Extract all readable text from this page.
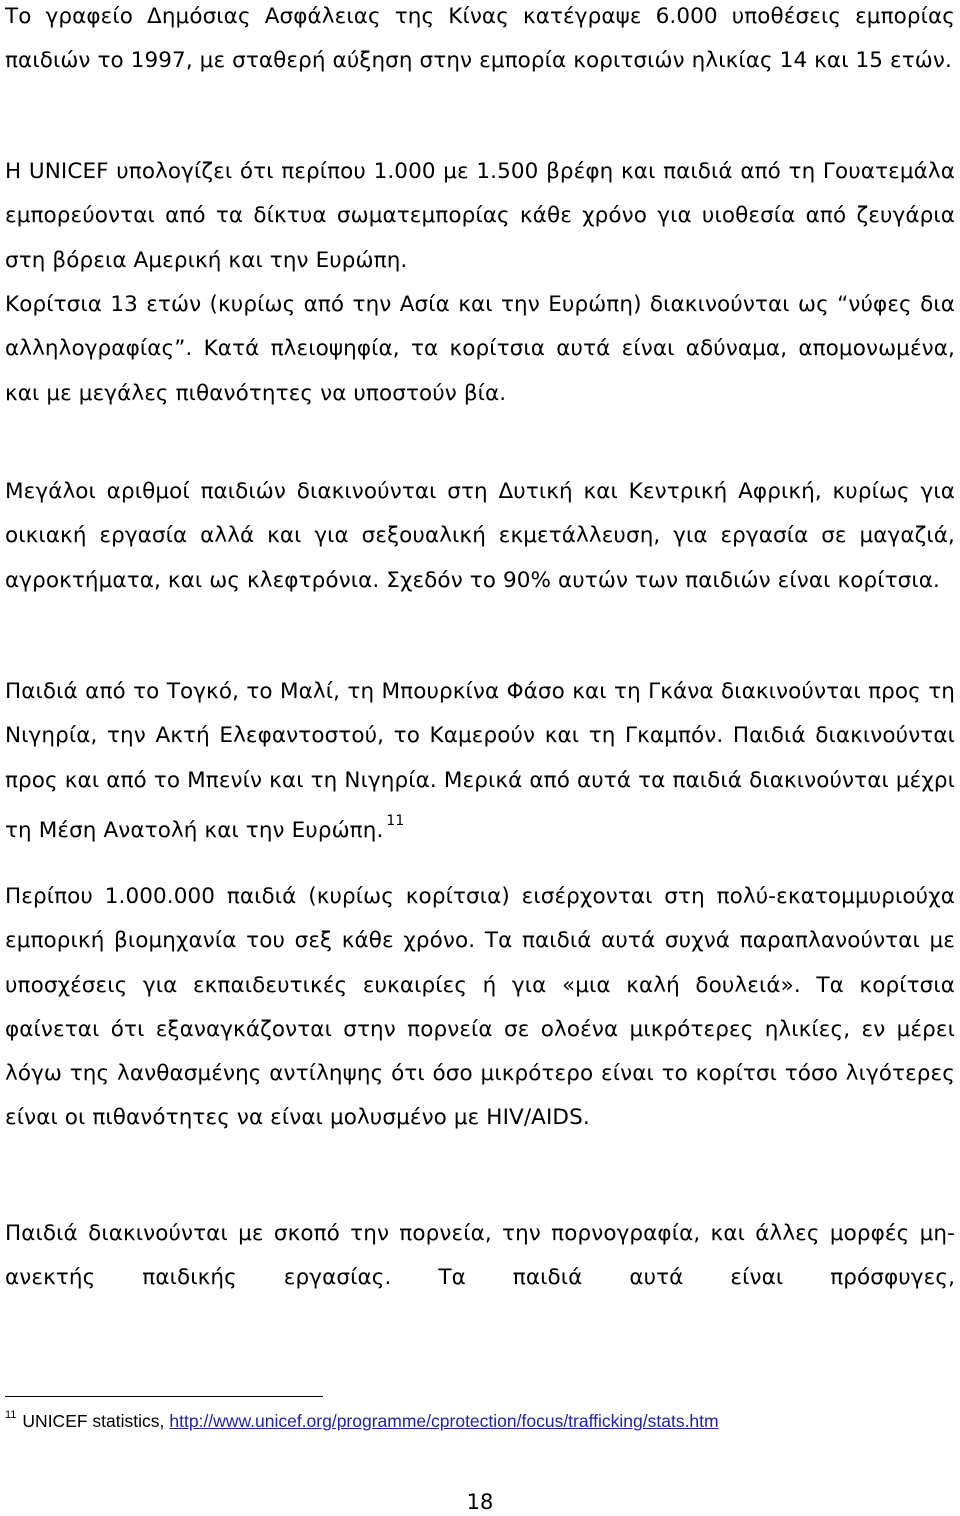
Το γραφείο Δημόσιας Ασφάλειας της Κίνας κατέγραψε 6.000 υποθέσεις εμπορίας παιδιών το 1997, με σταθερή αύξηση στην εμπορία κοριτσιών ηλικίας 14 και 15 ετών.

Η UNICEF υπολογίζει ότι περίπου 1.000 με 1.500 βρέφη και παιδιά από τη Γουατεμάλα εμπορεύονται από τα δίκτυα σωματεμπορίας κάθε χρόνο για υιοθεσία από ζευγάρια στη βόρεια Αμερική και την Ευρώπη.

Κορίτσια 13 ετών (κυρίως από την Ασία και την Ευρώπη) διακινούνται ως “νύφες δια αλληλογραφίας”. Κατά πλειοψηφία, τα κορίτσια αυτά είναι αδύναμα, απομονωμένα, και με μεγάλες πιθανότητες να υποστούν βία.

Μεγάλοι αριθμοί παιδιών διακινούνται στη Δυτική και Κεντρική Αφρική, κυρίως για οικιακή εργασία αλλά και για σεξουαλική εκμετάλλευση, για εργασία σε μαγαζιά, αγροκτήματα, και ως κλεφτρόνια. Σχεδόν το 90% αυτών των παιδιών είναι κορίτσια.

Παιδιά από το Τογκό, το Μαλί, τη Μπουρκίνα Φάσο και τη Γκάνα διακινούνται προς τη Νιγηρία, την Ακτή Ελεφαντοστού, το Καμερούν και τη Γκαμπόν. Παιδιά διακινούνται προς και από το Μπενίν και τη Νιγηρία. Μερικά από αυτά τα παιδιά διακινούνται μέχρι τη Μέση Ανατολή και την Ευρώπη. $^{11}$

Περίπου 1.000.000 παιδιά (κυρίως κορίτσια) εισέρχονται στη πολύ-εκατομμυριούχα εμπορική βιομηχανία του σεξ κάθε χρόνο. Τα παιδιά αυτά συχνά παραπλανούνται με υποσχέσεις για εκπαιδευτικές ευκαιρίες ή για «μια καλή δουλειά». Τα κορίτσια φαίνεται ότι εξαναγκάζονται στην πορνεία σε ολοένα μικρότερες ηλικίες, εν μέρει λόγω της λανθασμένης αντίληψης ότι όσο μικρότερο είναι το κορίτσι τόσο λιγότερες είναι οι πιθανότητες να είναι μολυσμένο με HIV/AIDS.

Παιδιά διακινούνται με σκοπό την πορνεία, την πορνογραφία, και άλλες μορφές μη-ανεκτής παιδικής εργασίας. Τα παιδιά αυτά είναι πρόσφυγες,

$^{11}$ UNICEF statistics, http://www.unicef.org/programme/cprotection/focus/trafficking/stats.htm
18
